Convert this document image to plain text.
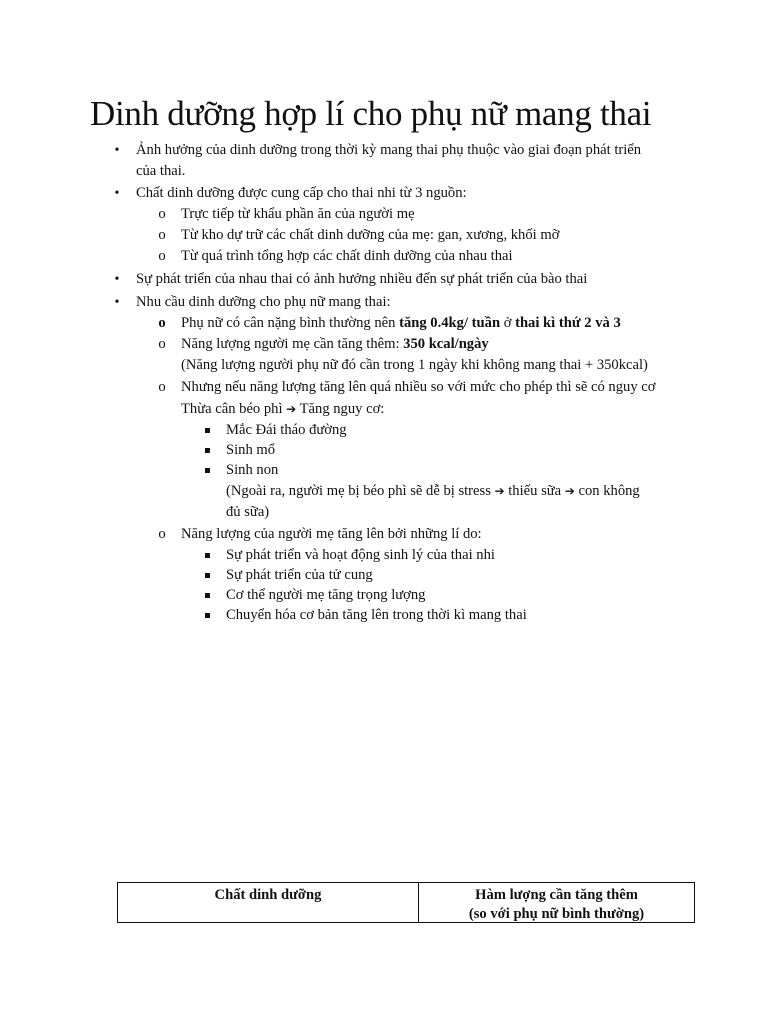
Dinh dưỡng hợp lí cho phụ nữ mang thai
•
Ảnh hưởng của dinh dưỡng trong thời kỳ mang thai phụ thuộc vào giai đoạn phát triển
của thai.
•
Chất dinh dưỡng được cung cấp cho thai nhi từ 3 nguồn:
o Trực tiếp từ khẩu phần ăn của người mẹ
o Từ kho dự trữ các chất dinh dưỡng của mẹ: gan, xương, khối mỡ
o Từ quá trình tổng hợp các chất dinh dưỡng của nhau thai
•
Sự phát triển của nhau thai có ảnh hưởng nhiều đến sự phát triển của bào thai
•
Nhu cầu dinh dưỡng cho phụ nữ mang thai:
o Phụ nữ có cân nặng bình thường nên tăng 0.4kg/ tuần ở thai kì thứ 2 và 3
o Năng lượng người mẹ cần tăng thêm: 350 kcal/ngày
(Năng lượng người phụ nữ đó cần trong 1 ngày khi không mang thai + 350kcal)
o Nhưng nếu năng lượng tăng lên quá nhiều so với mức cho phép thì sẽ có nguy cơ
Thừa cân béo phì ➔ Tăng nguy cơ:
Mắc Đái tháo đường
Sinh mổ
Sinh non
(Ngoài ra, người mẹ bị béo phì sẽ dễ bị stress ➔ thiếu sữa ➔ con không
đủ sữa)
o Năng lượng của người mẹ tăng lên bởi những lí do:
Sự phát triển và hoạt động sinh lý của thai nhi
Sự phát triển của tử cung
Cơ thể người mẹ tăng trọng lượng
Chuyển hóa cơ bản tăng lên trong thời kì mang thai
Chất dinh dưỡng	Hàm lượng cần tăng thêm
(so với phụ nữ bình thường)
